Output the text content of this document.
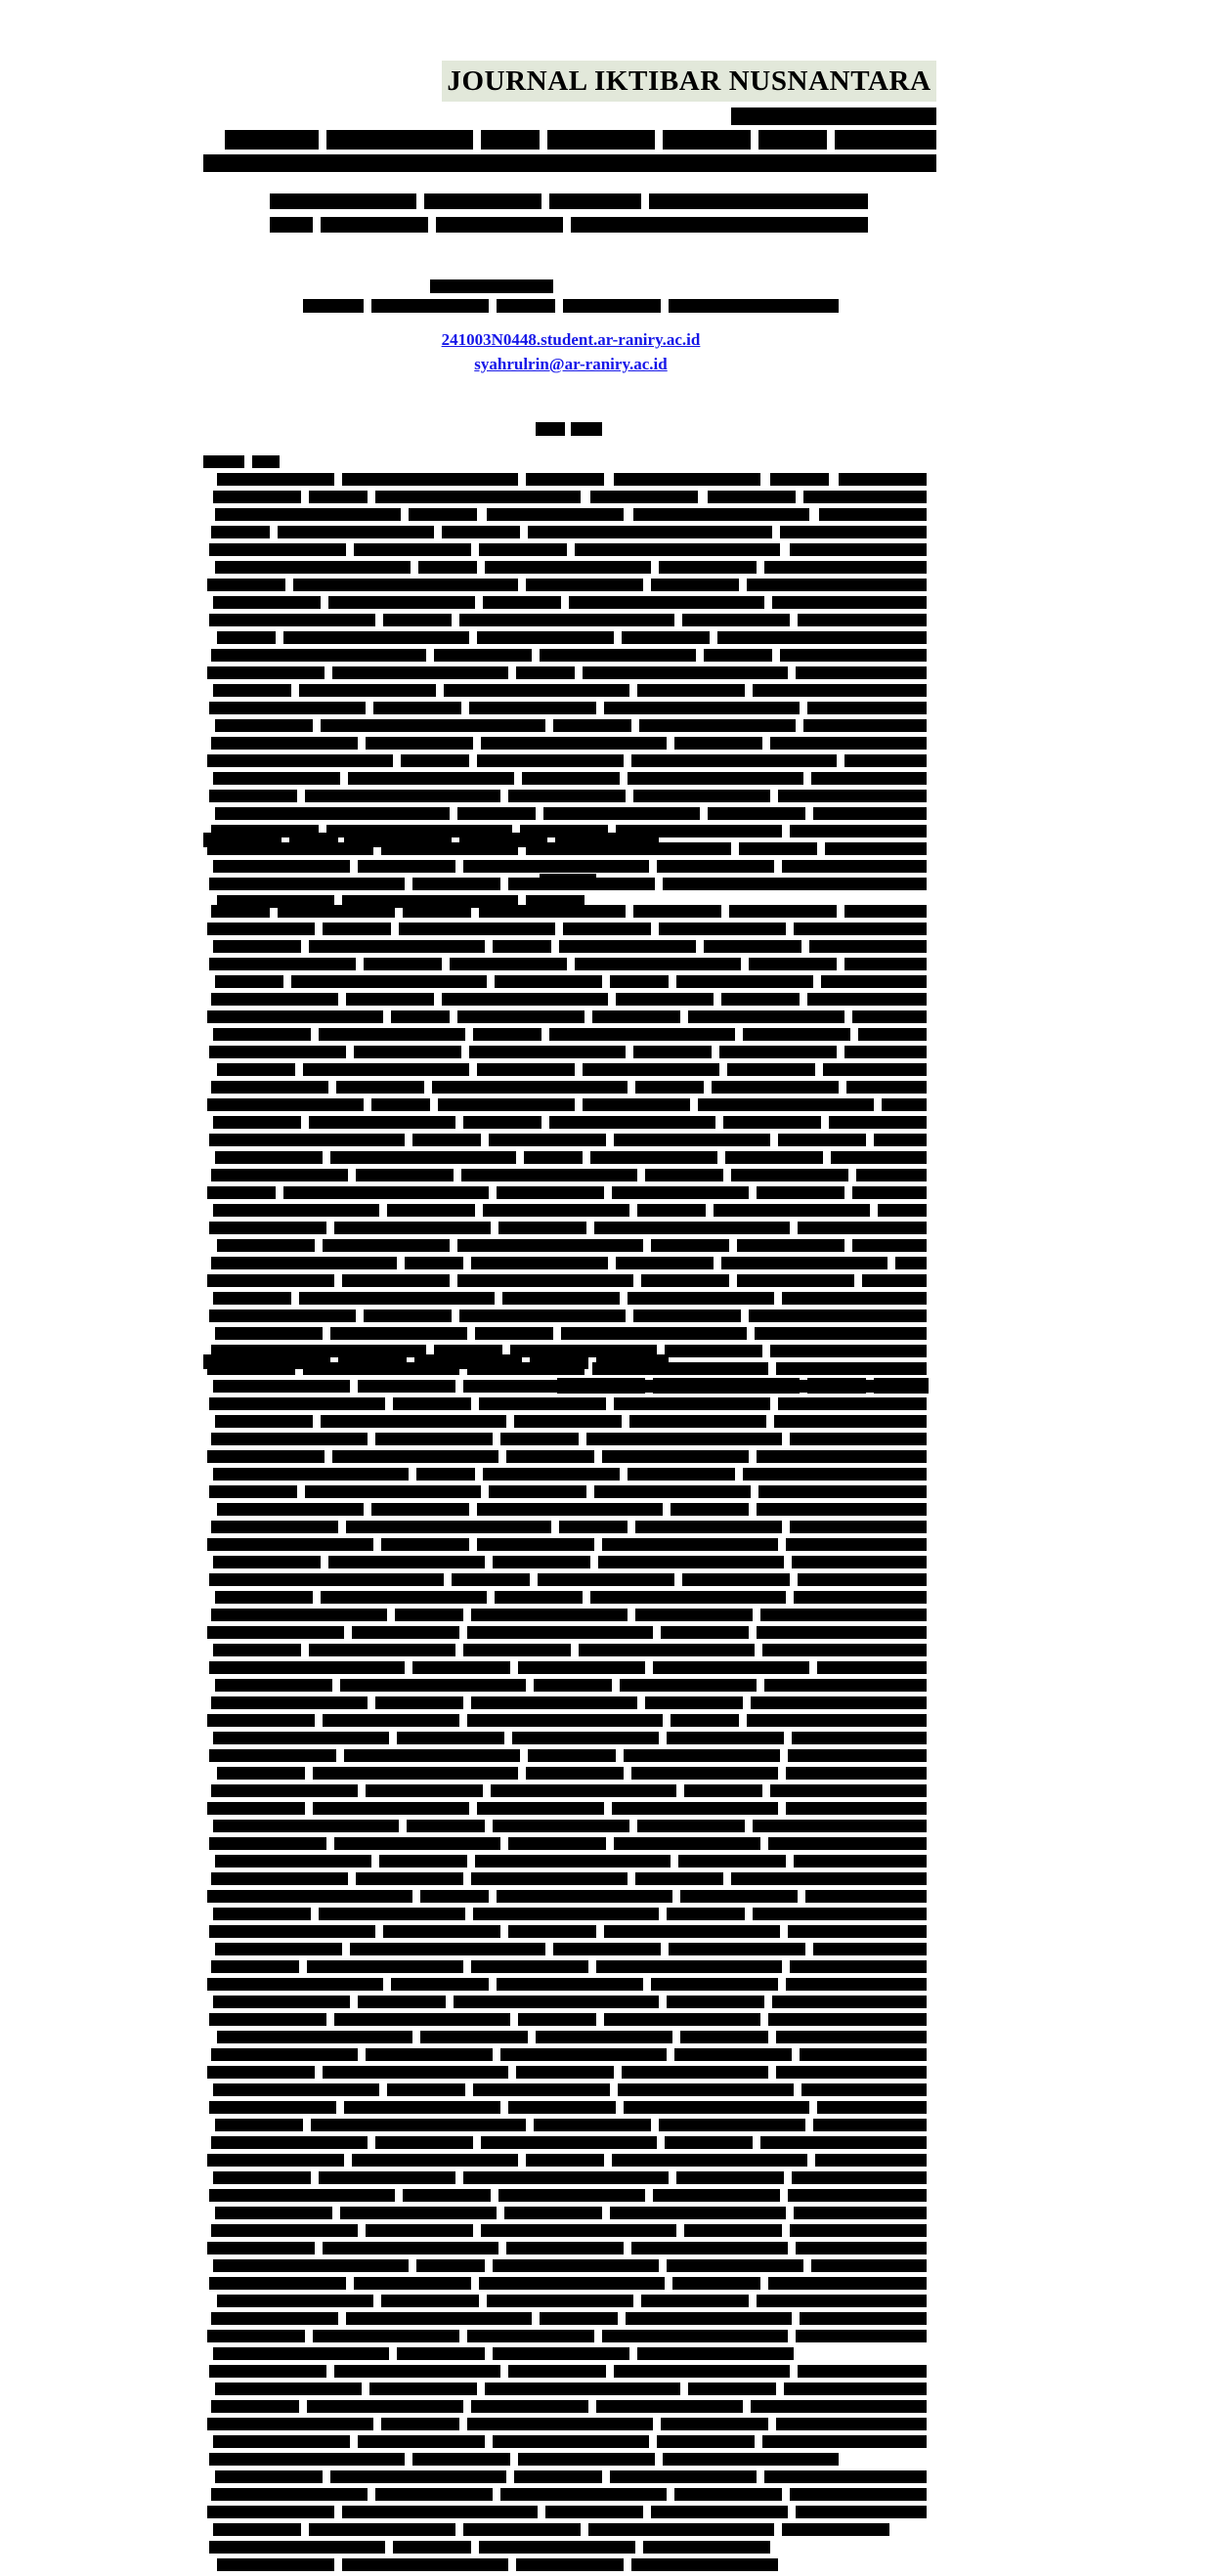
JOURNAL IKTIBAR NUSNANTARA
241003N0448.student.ar-raniry.ac.id
syahrulrin@ar-raniry.ac.id
